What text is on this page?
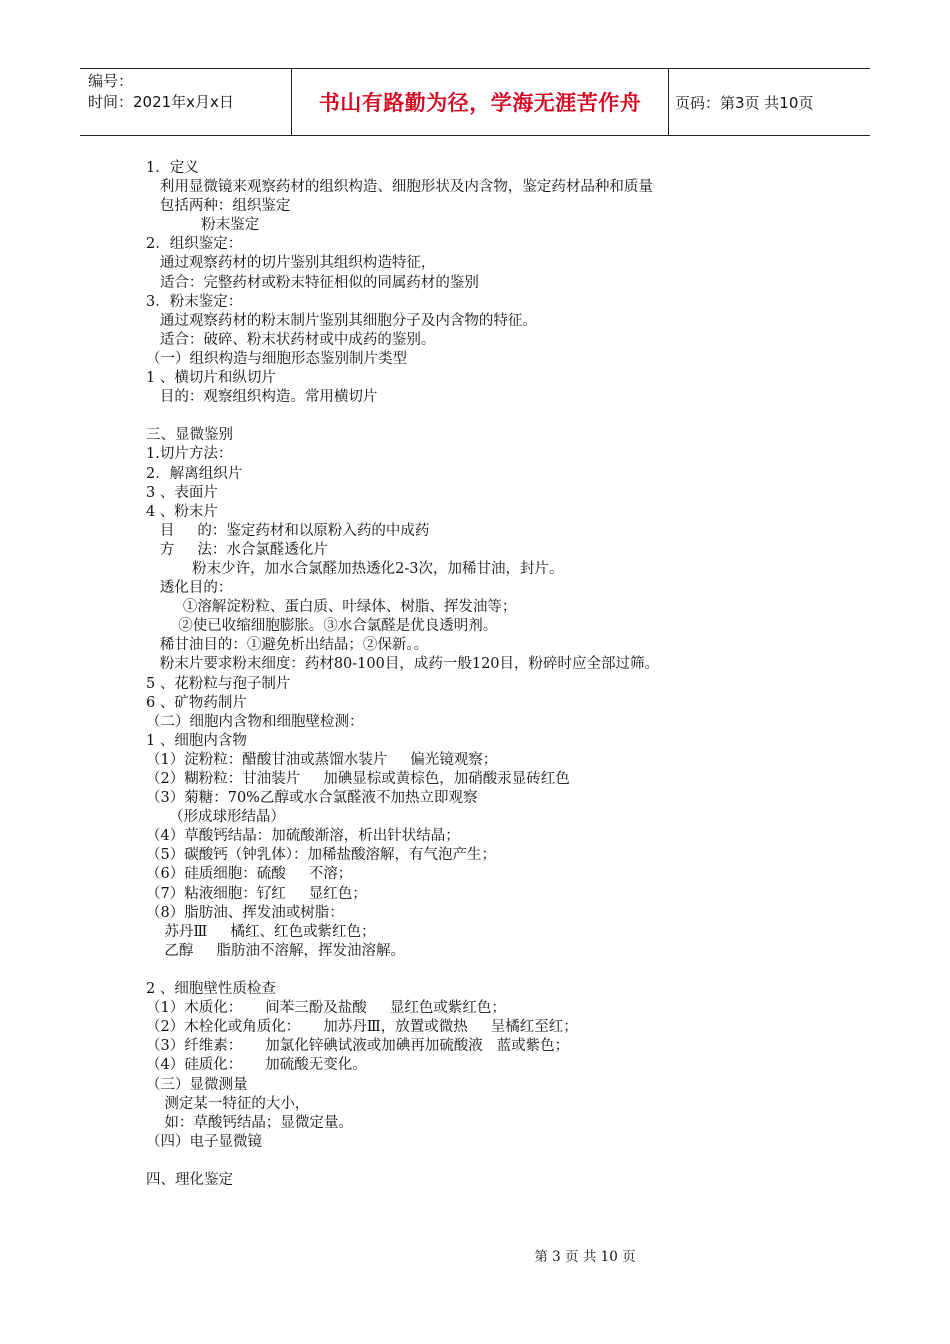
编号：
时间：2021年x月x日	书山有路勤为径，学海无涯苦作舟	页码：第3页 共10页
1．定义
利用显微镜来观察药材的组织构造、细胞形状及内含物，鉴定药材品种和质量
包括两种：组织鉴定
粉末鉴定
2．组织鉴定：
通过观察药材的切片鉴别其组织构造特征，
适合：完整药材或粉末特征相似的同属药材的鉴别
3．粉末鉴定：
通过观察药材的粉末制片鉴别其细胞分子及内含物的特征。
适合：破碎、粉末状药材或中成药的鉴别。
（一）组织构造与细胞形态鉴别制片类型
1 、横切片和纵切片
目的：观察组织构造。常用横切片
三、显微鉴别
1.切片方法：
2．解离组织片
3 、表面片
4 、粉末片
目     的：鉴定药材和以原粉入药的中成药
方     法：水合氯醛透化片
粉末少许，加水合氯醛加热透化2-3次，加稀甘油，封片。
透化目的：
①溶解淀粉粒、蛋白质、叶绿体、树脂、挥发油等；
②使已收缩细胞膨胀。③水合氯醛是优良透明剂。
稀甘油目的：①避免析出结晶；②保新。。
粉末片要求粉末细度：药材80-100目，成药一般120目，粉碎时应全部过筛。
5 、花粉粒与孢子制片
6 、矿物药制片
（二）细胞内含物和细胞壁检测：
1 、细胞内含物
（1）淀粉粒：醋酸甘油或蒸馏水装片     偏光镜观察；
（2）糊粉粒：甘油装片     加碘显棕或黄棕色，加硝酸汞显砖红色
（3）菊糖：70%乙醇或水合氯醛液不加热立即观察
（形成球形结晶）
（4）草酸钙结晶：加硫酸渐溶，析出针状结晶；
（5）碳酸钙（钟乳体）：加稀盐酸溶解，有气泡产生；
（6）硅质细胞：硫酸     不溶；
（7）粘液细胞：钌红     显红色；
（8）脂肪油、挥发油或树脂：
苏丹Ⅲ     橘红、红色或紫红色；
乙醇     脂肪油不溶解，挥发油溶解。
2 、细胞壁性质检查
（1）木质化：     间苯三酚及盐酸     显红色或紫红色；
（2）木栓化或角质化：     加苏丹Ⅲ，放置或微热     呈橘红至红；
（3）纤维素：     加氯化锌碘试液或加碘再加硫酸液   蓝或紫色；
（4）硅质化：     加硫酸无变化。
（三）显微测量
测定某一特征的大小，
如：草酸钙结晶；显微定量。
（四）电子显微镜
四、理化鉴定
第 3 页 共 10 页
